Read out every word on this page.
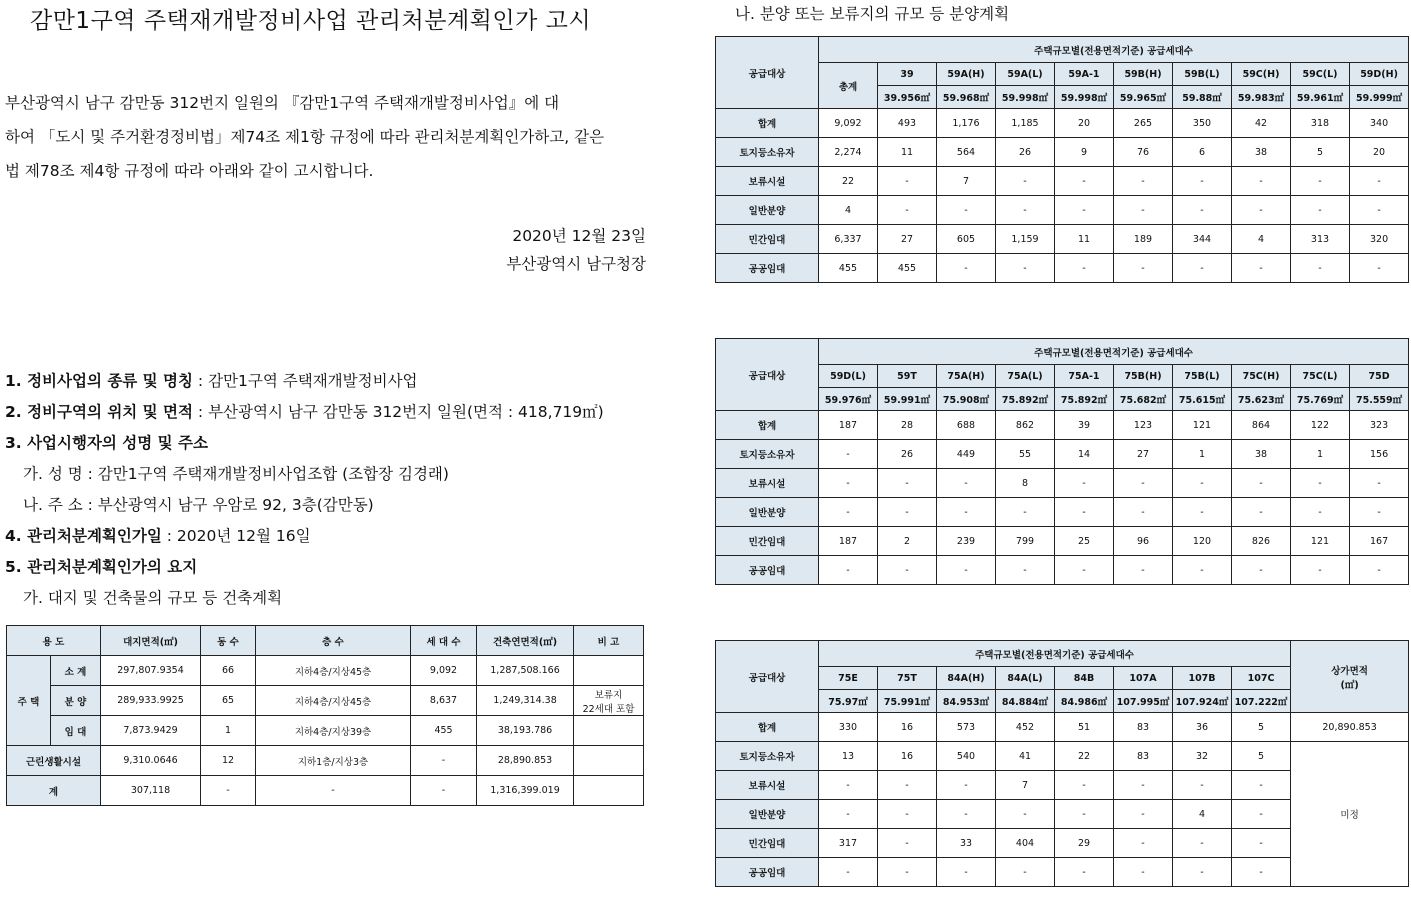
감만1구역 주택재개발정비사업 관리처분계획인가 고시

부산광역시 남구 감만동 312번지 일원의 『감만1구역 주택재개발정비사업』에 대

하여 「도시 및 주거환경정비법」제74조 제1항 규정에 따라 관리처분계획인가하고, 같은

법 제78조 제4항 규정에 따라 아래와 같이 고시합니다.

2020년 12월 23일
부산광역시 남구청장
1. 정비사업의 종류 및 명칭 : 감만1구역 주택재개발정비사업
2. 정비구역의 위치 및 면적 : 부산광역시 남구 감만동 312번지 일원(면적 : 418,719㎡)
3. 사업시행자의 성명 및 주소
가. 성 명 : 감만1구역 주택재개발정비사업조합 (조합장 김경래)
나. 주 소 : 부산광역시 남구 우암로 92, 3층(감만동)
4. 관리처분계획인가일 : 2020년 12월 16일
5. 관리처분계획인가의 요지
가. 대지 및 건축물의 규모 등 건축계획
용 도		대지면적(㎡)	동 수	층 수	세 대 수	건축연면적(㎡)	비 고
주 택	소 계	297,807.9354	66	지하4층/지상45층	9,092	1,287,508.166	
	분 양	289,933.9925	65	지하4층/지상45층	8,637	1,249,314.38	보류지
22세대 포함
	임 대	7,873.9429	1	지하4층/지상39층	455	38,193.786	
근린생활시설		9,310.0646	12	지하1층/지상3층	-	28,890.853	
계		307,118	-	-	-	1,316,399.019	
나. 분양 또는 보류지의 규모 등 분양계획
공급대상	주택규모별(전용면적기준) 공급세대수									
	총계	39	59A(H)	59A(L)	59A-1	59B(H)	59B(L)	59C(H)	59C(L)	59D(H)
		39.956㎡	59.968㎡	59.998㎡	59.998㎡	59.965㎡	59.88㎡	59.983㎡	59.961㎡	59.999㎡
합계	9,092	493	1,176	1,185	20	265	350	42	318	340
토지등소유자	2,274	11	564	26	9	76	6	38	5	20
보류시설	22	-	7	-	-	-	-	-	-	-
일반분양	4	-	-	-	-	-	-	-	-	-
민간임대	6,337	27	605	1,159	11	189	344	4	313	320
공공임대	455	455	-	-	-	-	-	-	-	-
공급대상	주택규모별(전용면적기준) 공급세대수									
	59D(L)	59T	75A(H)	75A(L)	75A-1	75B(H)	75B(L)	75C(H)	75C(L)	75D
	59.976㎡	59.991㎡	75.908㎡	75.892㎡	75.892㎡	75.682㎡	75.615㎡	75.623㎡	75.769㎡	75.559㎡
합계	187	28	688	862	39	123	121	864	122	323
토지등소유자	-	26	449	55	14	27	1	38	1	156
보류시설	-	-	-	8	-	-	-	-	-	-
일반분양	-	-	-	-	-	-	-	-	-	-
민간임대	187	2	239	799	25	96	120	826	121	167
공공임대	-	-	-	-	-	-	-	-	-	-
공급대상	주택규모별(전용면적기준) 공급세대수								상가면적
(㎡)
	75E	75T	84A(H)	84A(L)	84B	107A	107B	107C	
	75.97㎡	75.991㎡	84.953㎡	84.884㎡	84.986㎡	107.995㎡	107.924㎡	107.222㎡	
합계	330	16	573	452	51	83	36	5	20,890.853
토지등소유자	13	16	540	41	22	83	32	5	미정
보류시설	-	-	-	7	-	-	-	-	
일반분양	-	-	-	-	-	-	4	-	
민간임대	317	-	33	404	29	-	-	-	
공공임대	-	-	-	-	-	-	-	-	
